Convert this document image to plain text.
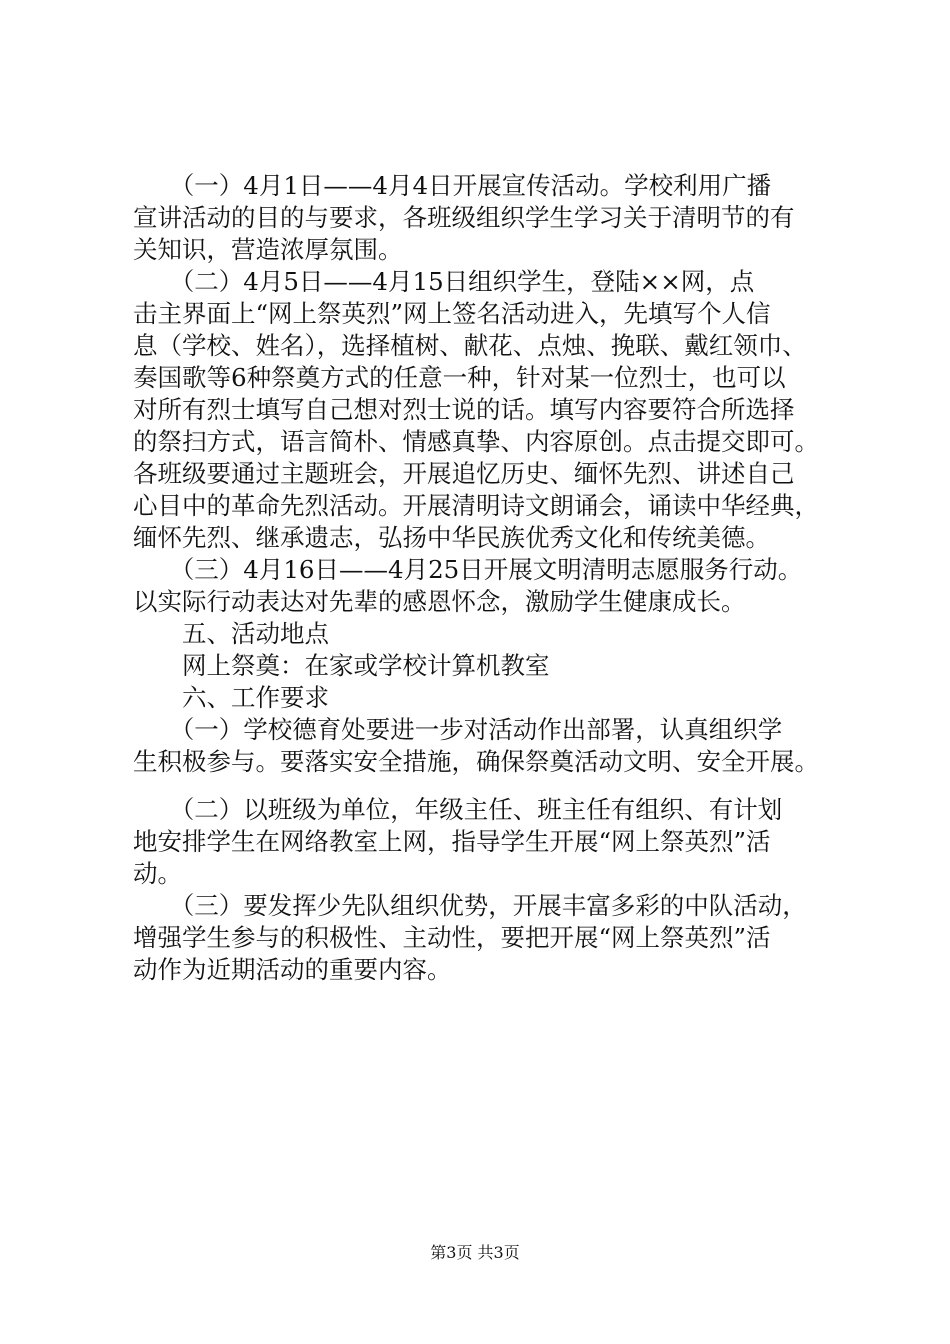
　　（一）4月1日——4月4日开展宣传活动。学校利用广播
宣讲活动的目的与要求，各班级组织学生学习关于清明节的有
关知识，营造浓厚氛围。
　　（二）4月5日——4月15日组织学生，登陆××网，点
击主界面上“网上祭英烈”网上签名活动进入，先填写个人信
息（学校、姓名），选择植树、献花、点烛、挽联、戴红领巾、
奏国歌等6种祭奠方式的任意一种，针对某一位烈士，也可以
对所有烈士填写自己想对烈士说的话。填写内容要符合所选择
的祭扫方式，语言简朴、情感真挚、内容原创。点击提交即可。
各班级要通过主题班会，开展追忆历史、缅怀先烈、讲述自己
心目中的革命先烈活动。开展清明诗文朗诵会，诵读中华经典，
缅怀先烈、继承遗志，弘扬中华民族优秀文化和传统美德。
　　（三）4月16日——4月25日开展文明清明志愿服务行动。
以实际行动表达对先辈的感恩怀念，激励学生健康成长。
　　五、活动地点
　　网上祭奠：在家或学校计算机教室
　　六、工作要求
　　（一）学校德育处要进一步对活动作出部署，认真组织学
生积极参与。要落实安全措施，确保祭奠活动文明、安全开展。
　　（二）以班级为单位，年级主任、班主任有组织、有计划
地安排学生在网络教室上网，指导学生开展“网上祭英烈”活
动。
　　（三）要发挥少先队组织优势，开展丰富多彩的中队活动，
增强学生参与的积极性、主动性，要把开展“网上祭英烈”活
动作为近期活动的重要内容。
第3页 共3页
